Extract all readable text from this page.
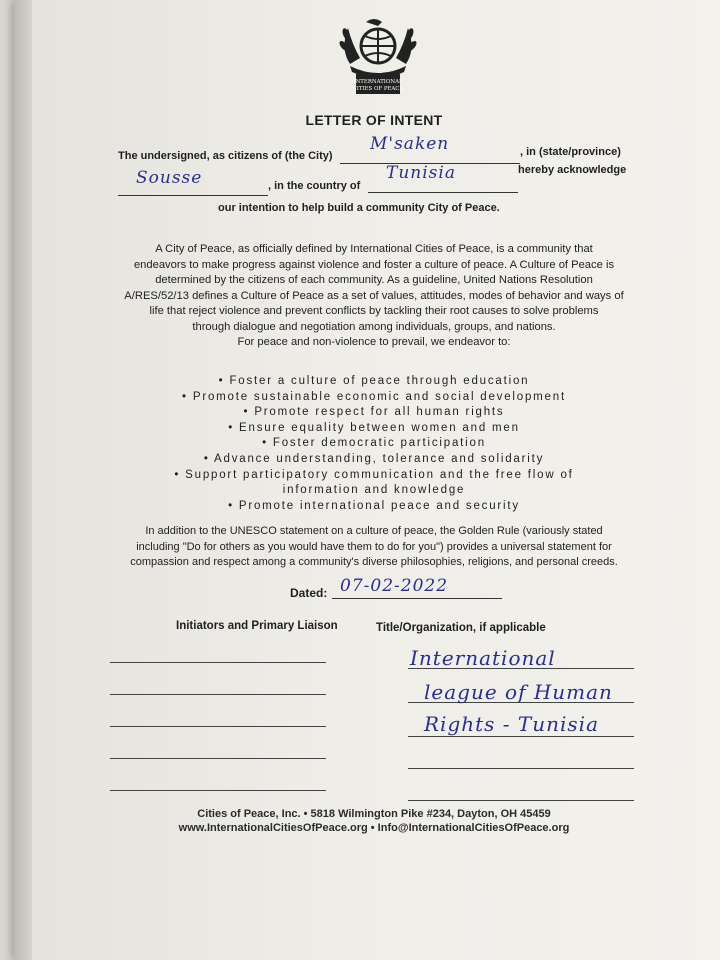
INTERNATIONAL
CITIES OF PEACE
LETTER OF INTENT
The undersigned, as citizens of (the City)
M'saken	, in (state/province)
Sousse	, in the country of
Tunisia	hereby acknowledge
our intention to help build a community City of Peace.
A City of Peace, as officially defined by International Cities of Peace, is a community that
endeavors to make progress against violence and foster a culture of peace. A Culture of Peace is
determined by the citizens of each community. As a guideline, United Nations Resolution
A/RES/52/13 defines a Culture of Peace as a set of values, attitudes, modes of behavior and ways of
life that reject violence and prevent conflicts by tackling their root causes to solve problems
through dialogue and negotiation among individuals, groups, and nations.
For peace and non-violence to prevail, we endeavor to:
• Foster a culture of peace through education
• Promote sustainable economic and social development
• Promote respect for all human rights
• Ensure equality between women and men
• Foster democratic participation
• Advance understanding, tolerance and solidarity
• Support participatory communication and the free flow of
information and knowledge
• Promote international peace and security
In addition to the UNESCO statement on a culture of peace, the Golden Rule (variously stated
including "Do for others as you would have them to do for you") provides a universal statement for
compassion and respect among a community's diverse philosophies, religions, and personal creeds.
Dated: 07-02-2022
Initiators and Primary Liaison	Title/Organization, if applicable
International
league of Human
Rights - Tunisia
Cities of Peace, Inc. • 5818 Wilmington Pike #234, Dayton, OH 45459
www.InternationalCitiesOfPeace.org • Info@InternationalCitiesOfPeace.org
